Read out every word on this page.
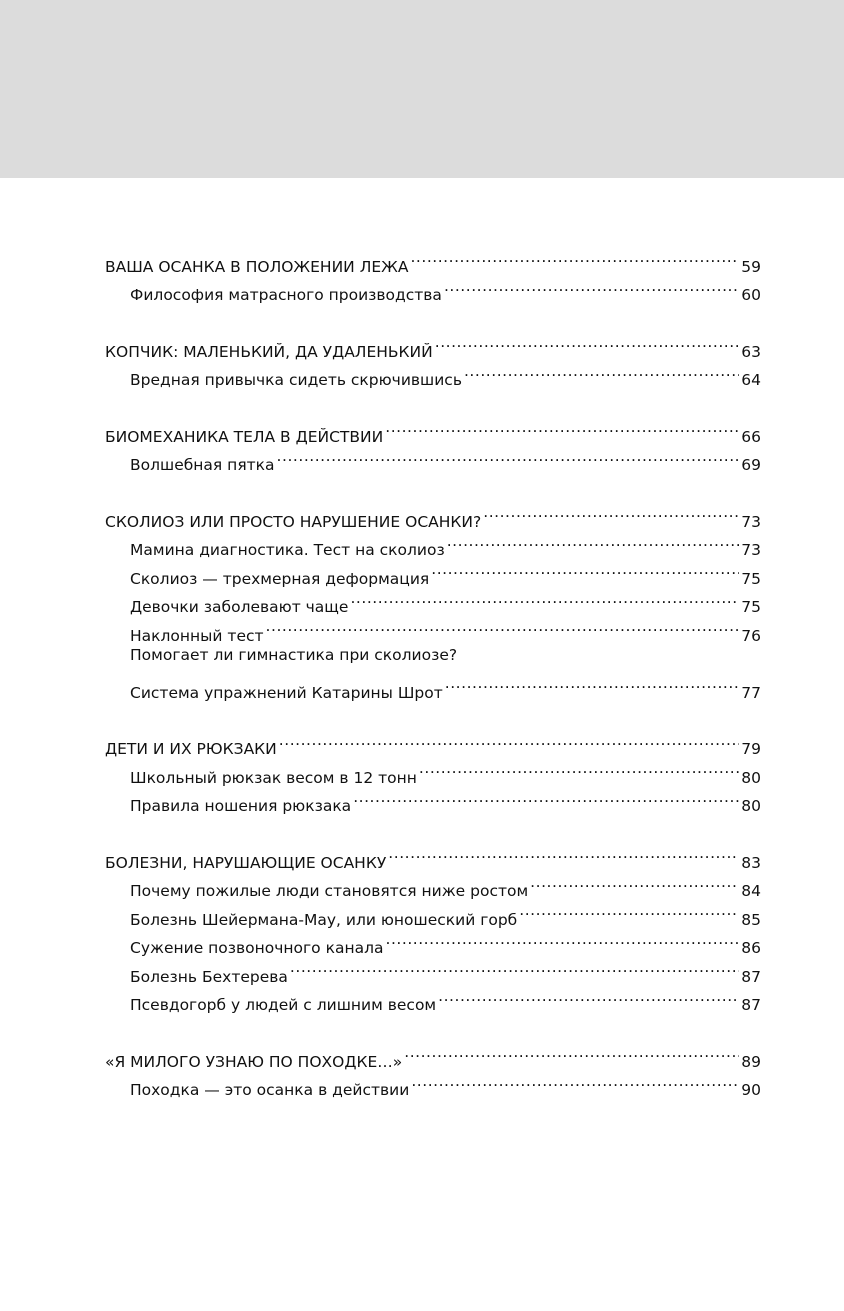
ВАША ОСАНКА В ПОЛОЖЕНИИ ЛЕЖА . . .	59
Философия матрасного производства . . .	60
КОПЧИК: МАЛЕНЬКИЙ, ДА УДАЛЕНЬКИЙ . . .	63
Вредная привычка сидеть скрючившись . . .	64
БИОМЕХАНИКА ТЕЛА В ДЕЙСТВИИ . . .	66
Волшебная пятка . . .	69
СКОЛИОЗ ИЛИ ПРОСТО НАРУШЕНИЕ ОСАНКИ? . . .	73
Мамина диагностика. Тест на сколиоз . . .	73
Сколиоз — трехмерная деформация . . .	75
Девочки заболевают чаще . . .	75
Наклонный тест . . .	76
Помогает ли гимнастика при сколиозе?
Система упражнений Катарины Шрот . . .	77
ДЕТИ И ИХ РЮКЗАКИ . . .	79
Школьный рюкзак весом в 12 тонн . . .	80
Правила ношения рюкзака . . .	80
БОЛЕЗНИ, НАРУШАЮЩИЕ ОСАНКУ . . .	83
Почему пожилые люди становятся ниже ростом . . .	84
Болезнь Шейермана-Мау, или юношеский горб . . .	85
Сужение позвоночного канала . . .	86
Болезнь Бехтерева . . .	87
Псевдогорб у людей с лишним весом . . .	87
«Я МИЛОГО УЗНАЮ ПО ПОХОДКЕ…» . . .	89
Походка — это осанка в действии . . .	90
